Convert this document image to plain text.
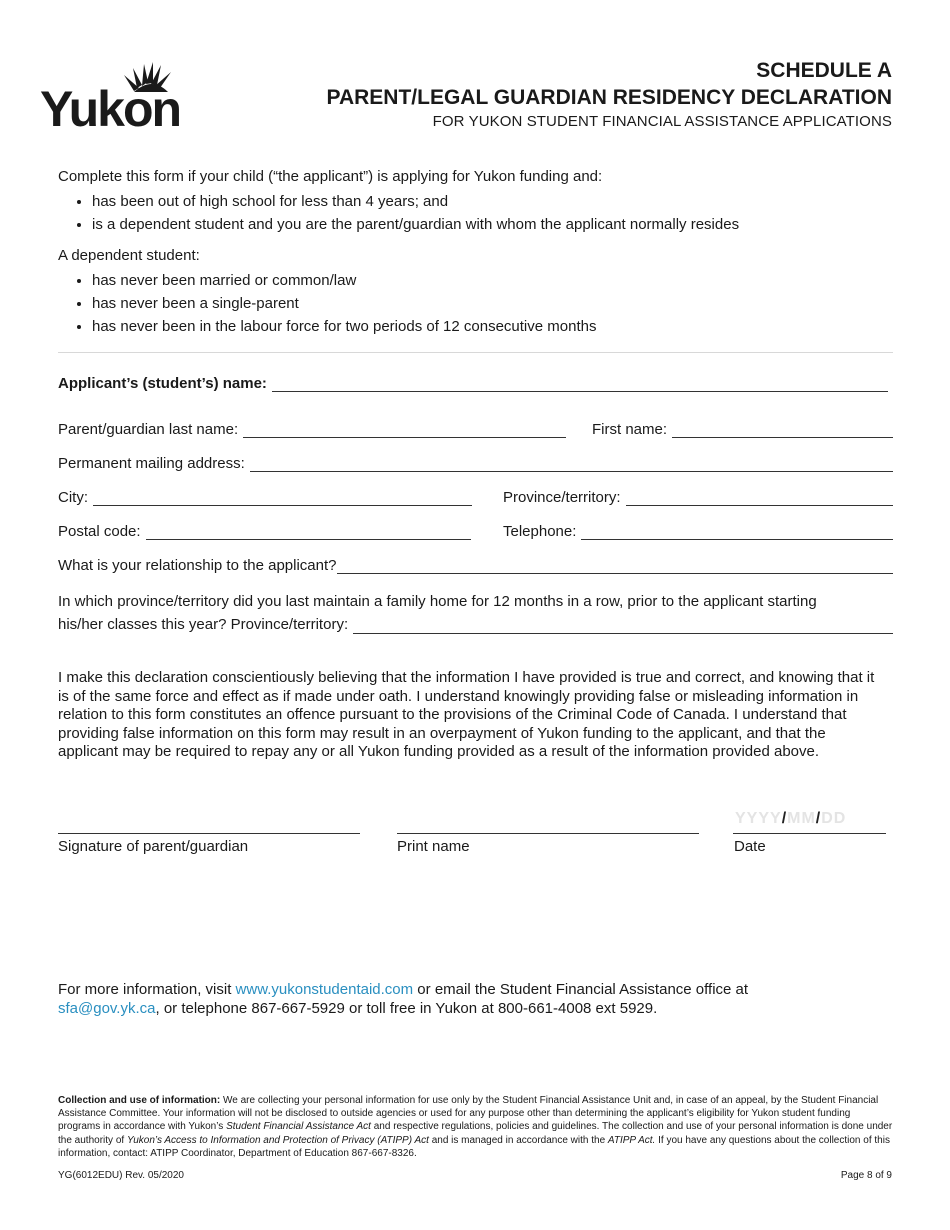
Yukon
SCHEDULE A
PARENT/LEGAL GUARDIAN RESIDENCY DECLARATION
FOR YUKON STUDENT FINANCIAL ASSISTANCE APPLICATIONS
Complete this form if your child (“the applicant”) is applying for Yukon funding and:
• has been out of high school for less than 4 years; and
• is a dependent student and you are the parent/guardian with whom the applicant normally resides
A dependent student:
• has never been married or common/law
• has never been a single-parent
• has never been in the labour force for two periods of 12 consecutive months
Applicant’s (student’s) name:
Parent/guardian last name:	First name:
Permanent mailing address:
City:	Province/territory:
Postal code:	Telephone:
What is your relationship to the applicant?
In which province/territory did you last maintain a family home for 12 months in a row, prior to the applicant starting
his/her classes this year? Province/territory:
I make this declaration conscientiously believing that the information I have provided is true and correct, and knowing that it is of the same force and effect as if made under oath. I understand knowingly providing false or misleading information in relation to this form constitutes an offence pursuant to the provisions of the Criminal Code of Canada. I understand that providing false information on this form may result in an overpayment of Yukon funding to the applicant, and that the applicant may be required to repay any or all Yukon funding provided as a result of the information provided above.
YYYY/MM/DD
Signature of parent/guardian	Print name	Date
For more information, visit www.yukonstudentaid.com or email the Student Financial Assistance office at
sfa@gov.yk.ca, or telephone 867-667-5929 or toll free in Yukon at 800-661-4008 ext 5929.
Collection and use of information: We are collecting your personal information for use only by the Student Financial Assistance Unit and, in case of an appeal, by the Student Financial Assistance Committee. Your information will not be disclosed to outside agencies or used for any purpose other than determining the applicant’s eligibility for Yukon student funding programs in accordance with Yukon’s Student Financial Assistance Act and respective regulations, policies and guidelines. The collection and use of your personal information is done under the authority of Yukon’s Access to Information and Protection of Privacy (ATIPP) Act and is managed in accordance with the ATIPP Act. If you have any questions about the collection of this information, contact: ATIPP Coordinator, Department of Education 867-667-8326.
YG(6012EDU) Rev. 05/2020	Page 8 of 9
